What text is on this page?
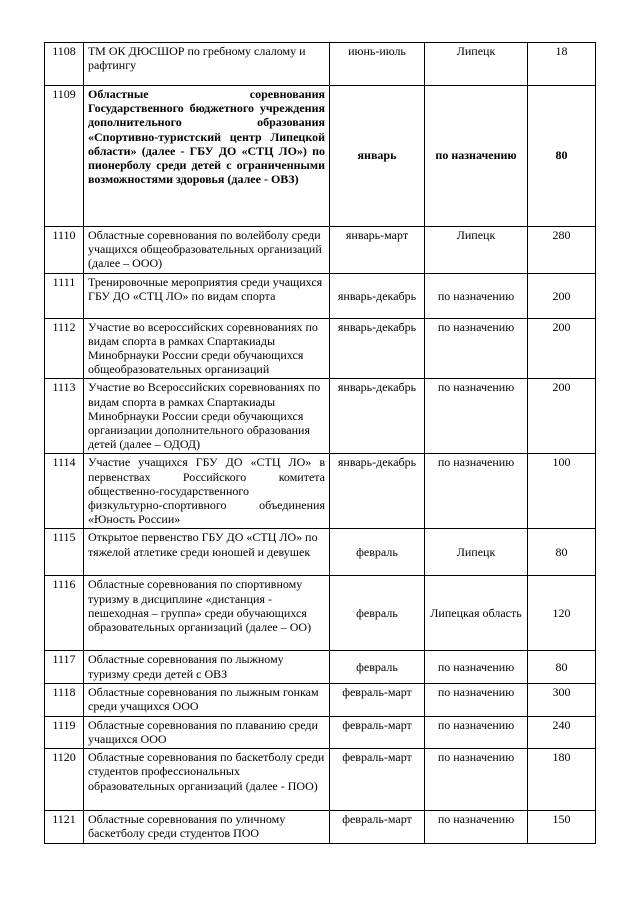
1108	ТМ ОК ДЮСШОР по гребному слалому и рафтингу	июнь-июль	Липецк	18
1109	Областные соревнования Государственного бюджетного учреждения дополнительного образования «Спортивно-туристский центр Липецкой области» (далее - ГБУ ДО «СТЦ ЛО») по пионерболу среди детей с ограниченными возможностями здоровья (далее - ОВЗ)	январь	по назначению	80
1110	Областные соревнования по волейболу среди учащихся общеобразовательных организаций (далее – ООО)	январь-март	Липецк	280
1111	Тренировочные мероприятия среди учащихся ГБУ ДО «СТЦ ЛО» по видам спорта	январь-декабрь	по назначению	200
1112	Участие во всероссийских соревнованиях по видам спорта в рамках Спартакиады Минобрнауки России среди обучающихся общеобразовательных организаций	январь-декабрь	по назначению	200
1113	Участие во Всероссийских соревнованиях по видам спорта в рамках Спартакиады Минобрнауки России среди обучающихся организации дополнительного образования детей (далее – ОДОД)	январь-декабрь	по назначению	200
1114	Участие учащихся ГБУ ДО «СТЦ ЛО» в первенствах Российского комитета общественно-государственного физкультурно-спортивного объединения «Юность России»	январь-декабрь	по назначению	100
1115	Открытое первенство ГБУ ДО «СТЦ ЛО» по тяжелой атлетике среди юношей и девушек	февраль	Липецк	80
1116	Областные соревнования по спортивному туризму в дисциплине «дистанция - пешеходная – группа» среди обучающихся образовательных организаций (далее – ОО)	февраль	Липецкая область	120
1117	Областные соревнования по лыжному туризму среди детей с ОВЗ	февраль	по назначению	80
1118	Областные соревнования по лыжным гонкам среди учащихся ООО	февраль-март	по назначению	300
1119	Областные соревнования по плаванию среди учащихся ООО	февраль-март	по назначению	240
1120	Областные соревнования по баскетболу среди студентов профессиональных образовательных организаций (далее - ПОО)	февраль-март	по назначению	180
1121	Областные соревнования по уличному баскетболу среди студентов ПОО	февраль-март	по назначению	150
